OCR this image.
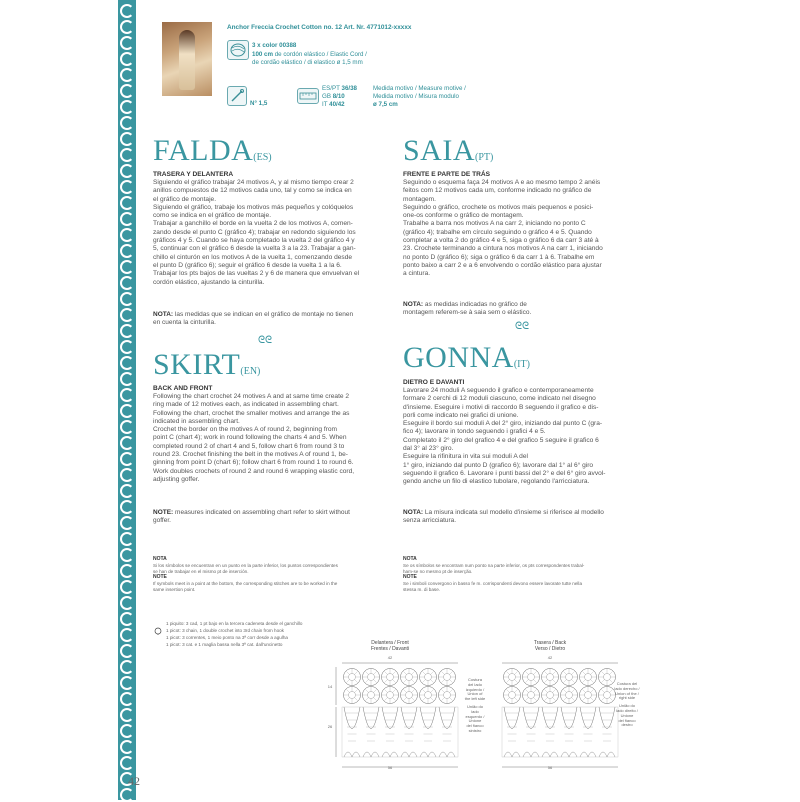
Anchor Freccia Crochet Cotton no. 12 Art. Nr. 4771012-xxxxx
3 x color 00388
100 cm de cordón elástico / Elastic Cord /
de cordão elástico / di elastico ø 1,5 mm
N° 1,5
ES/PT 36/38
GB 8/10
IT 40/42
Medida motivo / Measure motive /
Medida motivo / Misura modulo
ø 7,5 cm
FALDA(ES)
TRASERA Y DELANTERA

Siguiendo el gráfico trabajar 24 motivos A, y al mismo tiempo crear 2

anillos compuestos de 12 motivos cada uno, tal y como se indica en

el gráfico de montaje.

Siguiendo el gráfico, trabaje los motivos más pequeños y colóquelos

como se indica en el gráfico de montaje.

Trabajar a ganchillo el borde en la vuelta 2 de los motivos A, comen-

zando desde el punto C (gráfico 4); trabajar en redondo siguiendo los

gráficos 4 y 5. Cuando se haya completado la vuelta 2 del gráfico 4 y

5, continuar con el gráfico 6 desde la vuelta 3 a la 23. Trabajar a gan-

chillo el cinturón en los motivos A de la vuelta 1, comenzando desde

el punto D (gráfico 6); seguir el gráfico 6 desde la vuelta 1 a la 6.

Trabajar los pts bajos de las vueltas 2 y 6 de manera que envuelvan el

cordón elástico, ajustando la cinturilla.

NOTA: las medidas que se indican en el gráfico de montaje no tienen
en cuenta la cinturilla.
ᘓᘓ
SAIA(PT)
FRENTE E PARTE DE TRÁS

Seguindo o esquema faça 24 motivos A e ao mesmo tempo 2 anéis

feitos com 12 motivos cada um, conforme indicado no gráfico de

montagem.

Seguindo o gráfico, crochete os motivos mais pequenos e posici-

one-os conforme o gráfico de montagem.

Trabalhe a barra nos motivos A na carr 2, iniciando no ponto C

(gráfico 4); trabalhe em círculo seguindo o gráfico 4 e 5. Quando

completar a volta 2 do gráfico 4 e 5, siga o gráfico 6 da carr 3 até à

23. Crochete terminando a cintura nos motivos A na carr 1, iniciando

no ponto D (gráfico 6); siga o gráfico 6 da carr 1 à 6. Trabalhe em

ponto baixo a carr 2 e a 6 envolvendo o cordão elástico para ajustar

a cintura.

NOTA: as medidas indicadas no gráfico de
montagem referem-se à saia sem o elástico.
ᘓᘓ
SKIRT(EN)
BACK AND FRONT

Following the chart crochet 24 motives A and at same time create 2

ring made of 12 motives each, as indicated in assembling chart.

Following the chart, crochet the smaller motives and arrange the as

indicated in assembling chart.

Crochet the border on the motives A of round 2, beginning from

point C (chart 4); work in round following the charts 4 and 5. When

completed round 2 of chart 4 and 5, follow chart 6 from round 3 to

round 23. Crochet finishing the belt in the motives A of round 1, be-

ginning from point D (chart 6); follow chart 6 from round 1 to round 6.

Work doubles crochets of round 2 and round 6 wrapping elastic cord,

adjusting goffer.

NOTE: measures indicated on assembling chart refer to skirt without
goffer.
GONNA(IT)
DIETRO E DAVANTI

Lavorare 24 moduli A seguendo il grafico e contemporaneamente

formare 2 cerchi di 12 moduli ciascuno, come indicato nel disegno

d'insieme. Eseguire i motivi di raccordo B seguendo il grafico e dis-

porli come indicato nei grafici di unione.

Eseguire il bordo sui moduli A del 2° giro, iniziando dal punto C (gra-

fico 4); lavorare in tondo seguendo i grafici 4 e 5.

Completato il 2° giro del grafico 4 e del grafico 5 seguire il grafico 6

dal 3° al 23° giro.

Eseguire la rifinitura in vita sui moduli A del

1° giro, iniziando dal punto D (grafico 6); lavorare dal 1° al 6° giro

seguendo il grafico 6. Lavorare i punti bassi del 2° e del 6° giro avvol-

gendo anche un filo di elastico tubolare, regolando l'arricciatura.

NOTA: La misura indicata sul modello d'insieme si riferisce al modello
senza arricciatura.
NOTA
Si los símbolos se encuentran en un punto en la parte inferior, los puntos correspondientes
se han de trabajar en el mismo pt de inserción.
NOTE
If symbols meet in a point at the bottom, the corresponding stitches are to be worked in the
same insertion point.
NOTA
Se os símbolos se encontram num ponto na parte inferior, os pts correspondentes trabal-
ham-se no mesmo pt de inserção.
NOTE
Se i simboli convergono in basso fe m. corrispondenti devono essere lavorate tutte nella
stessa m. di base.
1 piquito: 3 cad, 1 pt bajo en la tercera cadeneta desde el ganchillo
1 picot: 3 chain, 1 double crochet into 3rd chain from hook
1 picot: 3 correntes, 1 meio ponto na 3ª corr desde a agulha
1 picot: 3 cat. e 1 maglia bassa nella 3ª cat. dall'uncinetto	Delantera / Front
Frentes / Davanti
Trasera / Back
Verso / Dietro
42
56
14
26
42
56
Costura
del lado
izquierdo /
Union of
the left side
União do
lado
esquerdo /
Unione
del fianco
sinistro
Costura del
lado derecho /
Union of the /
right side
União do
lado direito /
Unione
del fianco
destro
42
